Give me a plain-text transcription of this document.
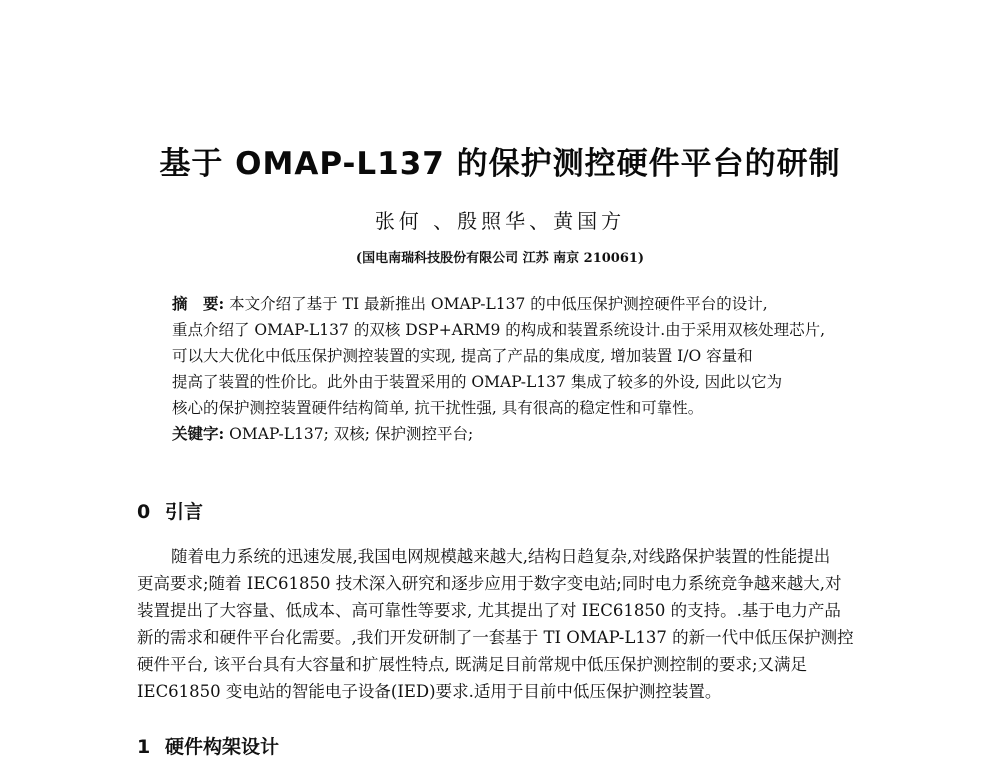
基于 OMAP-L137 的保护测控硬件平台的研制

张何 、殷照华、黄国方

(国电南瑞科技股份有限公司 江苏 南京 210061)

摘　要: 本文介绍了基于 TI 最新推出 OMAP-L137 的中低压保护测控硬件平台的设计,
重点介绍了 OMAP-L137 的双核 DSP+ARM9 的构成和装置系统设计.由于采用双核处理芯片,
可以大大优化中低压保护测控装置的实现, 提高了产品的集成度, 增加装置 I/O 容量和
提高了装置的性价比。此外由于装置采用的 OMAP-L137 集成了较多的外设, 因此以它为
核心的保护测控装置硬件结构简单, 抗干扰性强, 具有很高的稳定性和可靠性。
关键字: OMAP-L137; 双核; 保护测控平台;
0 引言
随着电力系统的迅速发展,我国电网规模越来越大,结构日趋复杂,对线路保护装置的性能提出
更高要求;随着 IEC61850 技术深入研究和逐步应用于数字变电站;同时电力系统竞争越来越大,对
装置提出了大容量、低成本、高可靠性等要求, 尤其提出了对 IEC61850 的支持。.基于电力产品
新的需求和硬件平台化需要。,我们开发研制了一套基于 TI OMAP-L137 的新一代中低压保护测控
硬件平台, 该平台具有大容量和扩展性特点, 既满足目前常规中低压保护测控制的要求;又满足
IEC61850 变电站的智能电子设备(IED)要求.适用于目前中低压保护测控装置。
1 硬件构架设计
